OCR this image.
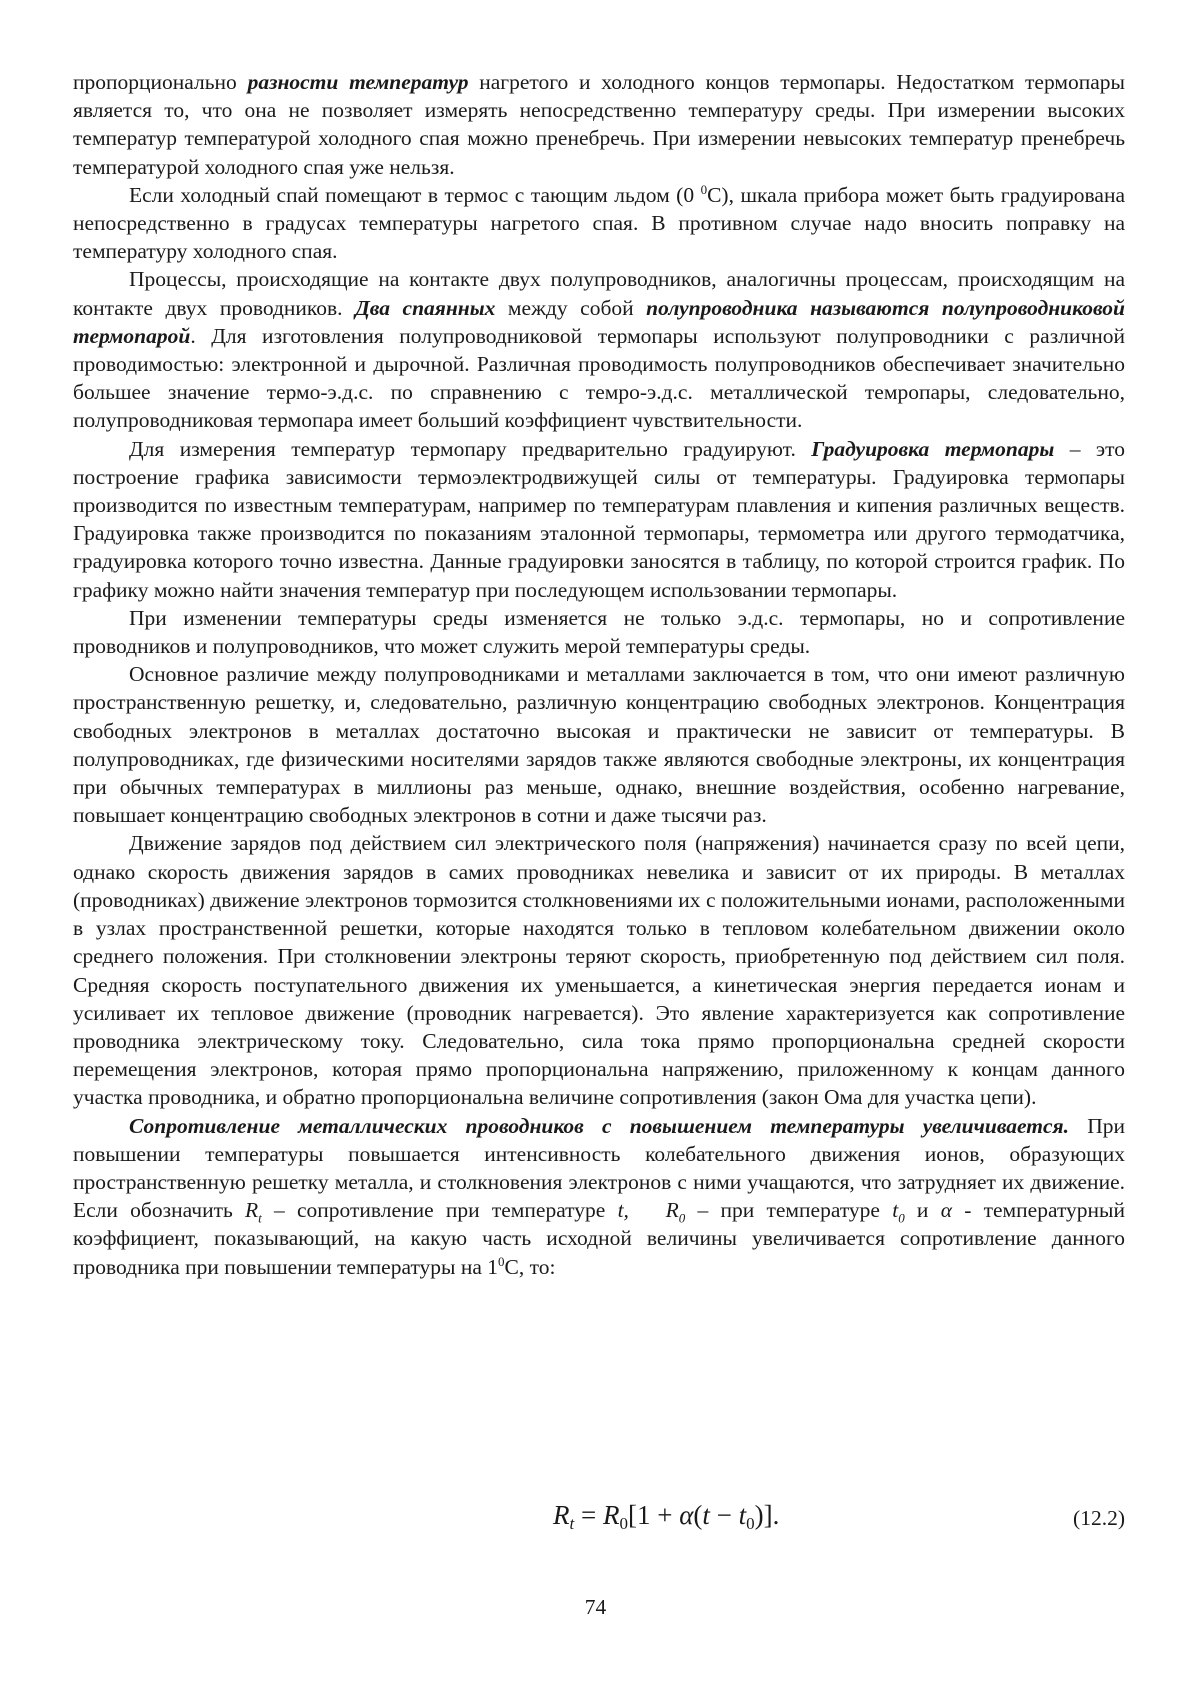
пропорционально разности температур нагретого и холодного концов термопары. Недостатком термопары является то, что она не позволяет измерять непосредственно температуру среды. При измерении высоких температур температурой холодного спая можно пренебречь. При измерении невысоких температур пренебречь температурой холодного спая уже нельзя.

Если холодный спай помещают в термос с тающим льдом (0 $^0$С), шкала прибора может быть градуирована непосредственно в градусах температуры нагретого спая. В противном случае надо вносить поправку на температуру холодного спая.

Процессы, происходящие на контакте двух полупроводников, аналогичны процессам, происходящим на контакте двух проводников. Два спаянных между собой полупроводника называются полупроводниковой термопарой. Для изготовления полупроводниковой термопары используют полупроводники с различной проводимостью: электронной и дырочной. Различная проводимость полупроводников обеспечивает значительно большее значение термо-э.д.с. по справнению с темро-э.д.с. металлической темропары, следовательно, полупроводниковая термопара имеет больший коэффициент чувствительности.

Для измерения температур термопару предварительно градуируют. Градуировка термопары – это построение графика зависимости термоэлектродвижущей силы от температуры. Градуировка термопары производится по известным температурам, например по температурам плавления и кипения различных веществ. Градуировка также производится по показаниям эталонной термопары, термометра или другого термодатчика, градуировка которого точно известна. Данные градуировки заносятся в таблицу, по которой строится график. По графику можно найти значения температур при последующем использовании термопары.

При изменении температуры среды изменяется не только э.д.с. термопары, но и сопротивление проводников и полупроводников, что может служить мерой температуры среды.

Основное различие между полупроводниками и металлами заключается в том, что они имеют различную пространственную решетку, и, следовательно, различную концентрацию свободных электронов. Концентрация свободных электронов в металлах достаточно высокая и практически не зависит от температуры. В полупроводниках, где физическими носителями зарядов также являются свободные электроны, их концентрация при обычных температурах в миллионы раз меньше, однако, внешние воздействия, особенно нагревание, повышает концентрацию свободных электронов в сотни и даже тысячи раз.

Движение зарядов под действием сил электрического поля (напряжения) начинается сразу по всей цепи, однако скорость движения зарядов в самих проводниках невелика и зависит от их природы. В металлах (проводниках) движение электронов тормозится столкновениями их с положительными ионами, расположенными в узлах пространственной решетки, которые находятся только в тепловом колебательном движении около среднего положения. При столкновении электроны теряют скорость, приобретенную под действием сил поля. Средняя скорость поступательного движения их уменьшается, а кинетическая энергия передается ионам и усиливает их тепловое движение (проводник нагревается). Это явление характеризуется как сопротивление проводника электрическому току. Следовательно, сила тока прямо пропорциональна средней скорости перемещения электронов, которая прямо пропорциональна напряжению, приложенному к концам данного участка проводника, и обратно пропорциональна величине сопротивления (закон Ома для участка цепи).

Сопротивление металлических проводников с повышением температуры увеличивается. При повышении температуры повышается интенсивность колебательного движения ионов, образующих пространственную решетку металла, и столкновения электронов с ними учащаются, что затрудняет их движение. Если обозначить $R_t$ – сопротивление при температуре t, $R_0$ – при температуре $t_0$ и α - температурный коэффициент, показывающий, на какую часть исходной величины увеличивается сопротивление данного проводника при повышении температуры на $1^0С$, то:

$R_t = R_0[1 + \alpha(t - t_0)]$.	(12.2)
74
